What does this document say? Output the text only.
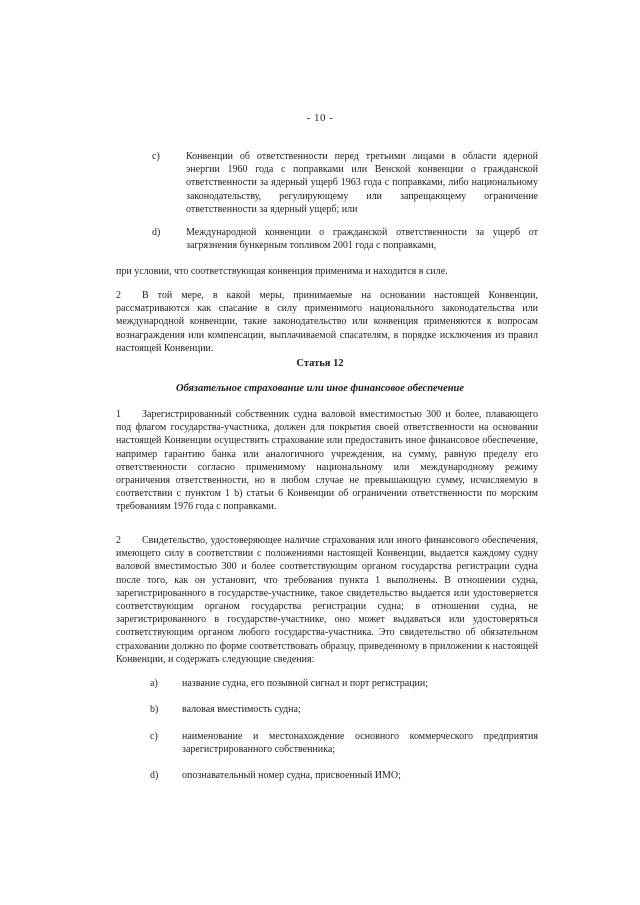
- 10 -
c)	Конвенции об ответственности перед третьими лицами в области ядерной энергии 1960 года с поправками или Венской конвенции о гражданской ответственности за ядерный ущерб 1963 года с поправками, либо национальному законодательству, регулирующему или запрещающему ограничение ответственности за ядерный ущерб; или
d)	Международной конвенции о гражданской ответственности за ущерб от загрязнения бункерным топливом 2001 года с поправками,
при условии, что соответствующая конвенция применима и находится в силе.
2 В той мере, в какой меры, принимаемые на основании настоящей Конвенции, рассматриваются как спасание в силу применимого национального законодательства или международной конвенции, такие законодательство или конвенция применяются к вопросам вознаграждения или компенсации, выплачиваемой спасателям, в порядке исключения из правил настоящей Конвенции.
Статья 12
Обязательное страхование или иное финансовое обеспечение
1 Зарегистрированный собственник судна валовой вместимостью 300 и более, плавающего под флагом государства-участника, должен для покрытия своей ответственности на основании настоящей Конвенции осуществить страхование или предоставить иное финансовое обеспечение, например гарантию банка или аналогичного учреждения, на сумму, равную пределу его ответственности согласно применимому национальному или международному режиму ограничения ответственности, но в любом случае не превышающую сумму, исчисляемую в соответствии с пунктом 1 b) статьи 6 Конвенции об ограничении ответственности по морским требованиям 1976 года с поправками.
2 Свидетельство, удостоверяющее наличие страхования или иного финансового обеспечения, имеющего силу в соответствии с положениями настоящей Конвенции, выдается каждому судну валовой вместимостью 300 и более соответствующим органом государства регистрации судна после того, как он установит, что требования пункта 1 выполнены. В отношении судна, зарегистрированного в государстве-участнике, такое свидетельство выдается или удостоверяется соответствующим органом государства регистрации судна; в отношении судна, не зарегистрированного в государстве-участнике, оно может выдаваться или удостоверяться соответствующим органом любого государства-участника. Это свидетельство об обязательном страховании должно по форме соответствовать образцу, приведенному в приложении к настоящей Конвенции, и содержать следующие сведения:
a) название судна, его позывной сигнал и порт регистрации;
b) валовая вместимость судна;
c) наименование и местонахождение основного коммерческого предприятия зарегистрированного собственника;
d) опознавательный номер судна, присвоенный ИМО;
